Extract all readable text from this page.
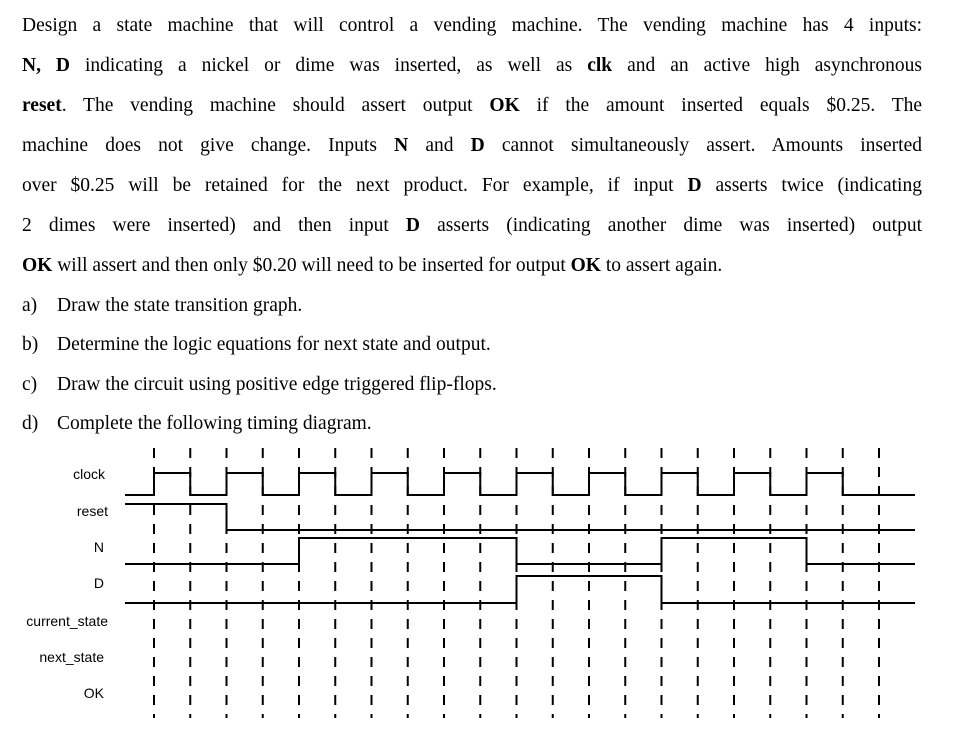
Design a state machine that will control a vending machine. The vending machine has 4 inputs:

N, D indicating a nickel or dime was inserted, as well as clk and an active high asynchronous

reset. The vending machine should assert output OK if the amount inserted equals $0.25. The

machine does not give change. Inputs N and D cannot simultaneously assert. Amounts inserted

over $0.25 will be retained for the next product. For example, if input D asserts twice (indicating

2 dimes were inserted) and then input D asserts (indicating another dime was inserted) output

OK will assert and then only $0.20 will need to be inserted for output OK to assert again.

a) Draw the state transition graph.
b) Determine the logic equations for next state and output.
c) Draw the circuit using positive edge triggered flip-flops.
d) Complete the following timing diagram.
clock
reset
N
D
current_state
next_state
OK
